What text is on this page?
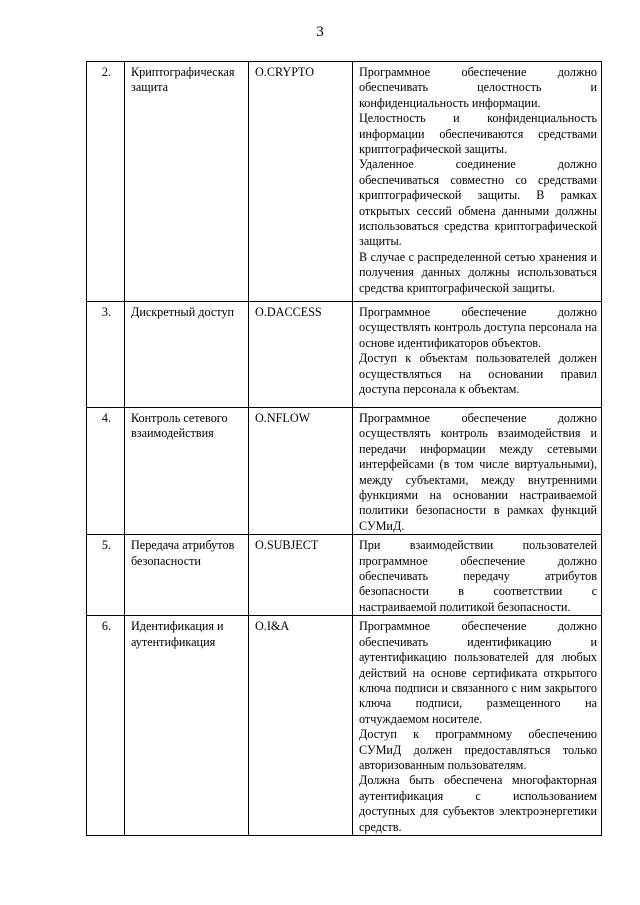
3
2.	Криптографическая защита	O.CRYPTO	Программное обеспечение должно обеспечивать целостность и конфиденциальность информации.

Целостность и конфиденциальность информации обеспечиваются средствами криптографической защиты.

Удаленное соединение должно обеспечиваться совместно со средствами криптографической защиты. В рамках открытых сессий обмена данными должны использоваться средства криптографической защиты.

В случае с распределенной сетью хранения и получения данных должны использоваться средства криптографической защиты.

3.	Дискретный доступ	O.DACCESS	Программное обеспечение должно осуществлять контроль доступа персонала на основе идентификаторов объектов.

Доступ к объектам пользователей должен осуществляться на основании правил доступа персонала к объектам.

4.	Контроль сетевого взаимодействия	O.NFLOW	Программное обеспечение должно осуществлять контроль взаимодействия и передачи информации между сетевыми интерфейсами (в том числе виртуальными), между субъектами, между внутренними функциями на основании настраиваемой политики безопасности в рамках функций СУМиД.

5.	Передача атрибутов безопасности	O.SUBJECT	При взаимодействии пользователей программное обеспечение должно обеспечивать передачу атрибутов безопасности в соответствии с настраиваемой политикой безопасности.

6.	Идентификация и аутентификация	O.I&A	Программное обеспечение должно обеспечивать идентификацию и аутентификацию пользователей для любых действий на основе сертификата открытого ключа подписи и связанного с ним закрытого ключа подписи, размещенного на отчуждаемом носителе.

Доступ к программному обеспечению СУМиД должен предоставляться только авторизованным пользователям.

Должна быть обеспечена многофакторная аутентификация с использованием доступных для субъектов электроэнергетики средств.
